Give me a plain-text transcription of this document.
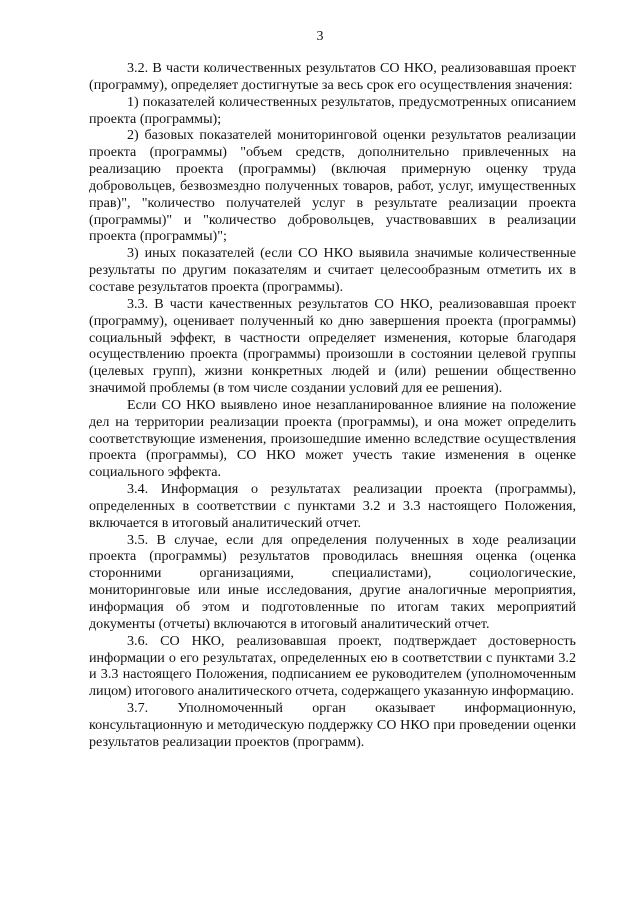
3

3.2. В части количественных результатов СО НКО, реализовавшая проект (программу), определяет достигнутые за весь срок его осуществления значения:

1) показателей количественных результатов, предусмотренных описанием проекта (программы);

2) базовых показателей мониторинговой оценки результатов реализации проекта (программы) "объем средств, дополнительно привлеченных на реализацию проекта (программы) (включая примерную оценку труда добровольцев, безвозмездно полученных товаров, работ, услуг, имущественных прав)", "количество получателей услуг в результате реализации проекта (программы)" и "количество добровольцев, участвовавших в реализации проекта (программы)";

3) иных показателей (если СО НКО выявила значимые количественные результаты по другим показателям и считает целесообразным отметить их в составе результатов проекта (программы).

3.3. В части качественных результатов СО НКО, реализовавшая проект (программу), оценивает полученный ко дню завершения проекта (программы) социальный эффект, в частности определяет изменения, которые благодаря осуществлению проекта (программы) произошли в состоянии целевой группы (целевых групп), жизни конкретных людей и (или) решении общественно значимой проблемы (в том числе создании условий для ее решения).

Если СО НКО выявлено иное незапланированное влияние на положение дел на территории реализации проекта (программы), и она может определить соответствующие изменения, произошедшие именно вследствие осуществления проекта (программы), СО НКО может учесть такие изменения в оценке социального эффекта.

3.4. Информация о результатах реализации проекта (программы), определенных в соответствии с пунктами 3.2 и 3.3 настоящего Положения, включается в итоговый аналитический отчет.

3.5. В случае, если для определения полученных в ходе реализации проекта (программы) результатов проводилась внешняя оценка (оценка сторонними организациями, специалистами), социологические, мониторинговые или иные исследования, другие аналогичные мероприятия, информация об этом и подготовленные по итогам таких мероприятий документы (отчеты) включаются в итоговый аналитический отчет.

3.6. СО НКО, реализовавшая проект, подтверждает достоверность информации о его результатах, определенных ею в соответствии с пунктами 3.2 и 3.3 настоящего Положения, подписанием ее руководителем (уполномоченным лицом) итогового аналитического отчета, содержащего указанную информацию.

3.7. Уполномоченный орган оказывает информационную, консультационную и методическую поддержку СО НКО при проведении оценки результатов реализации проектов (программ).
